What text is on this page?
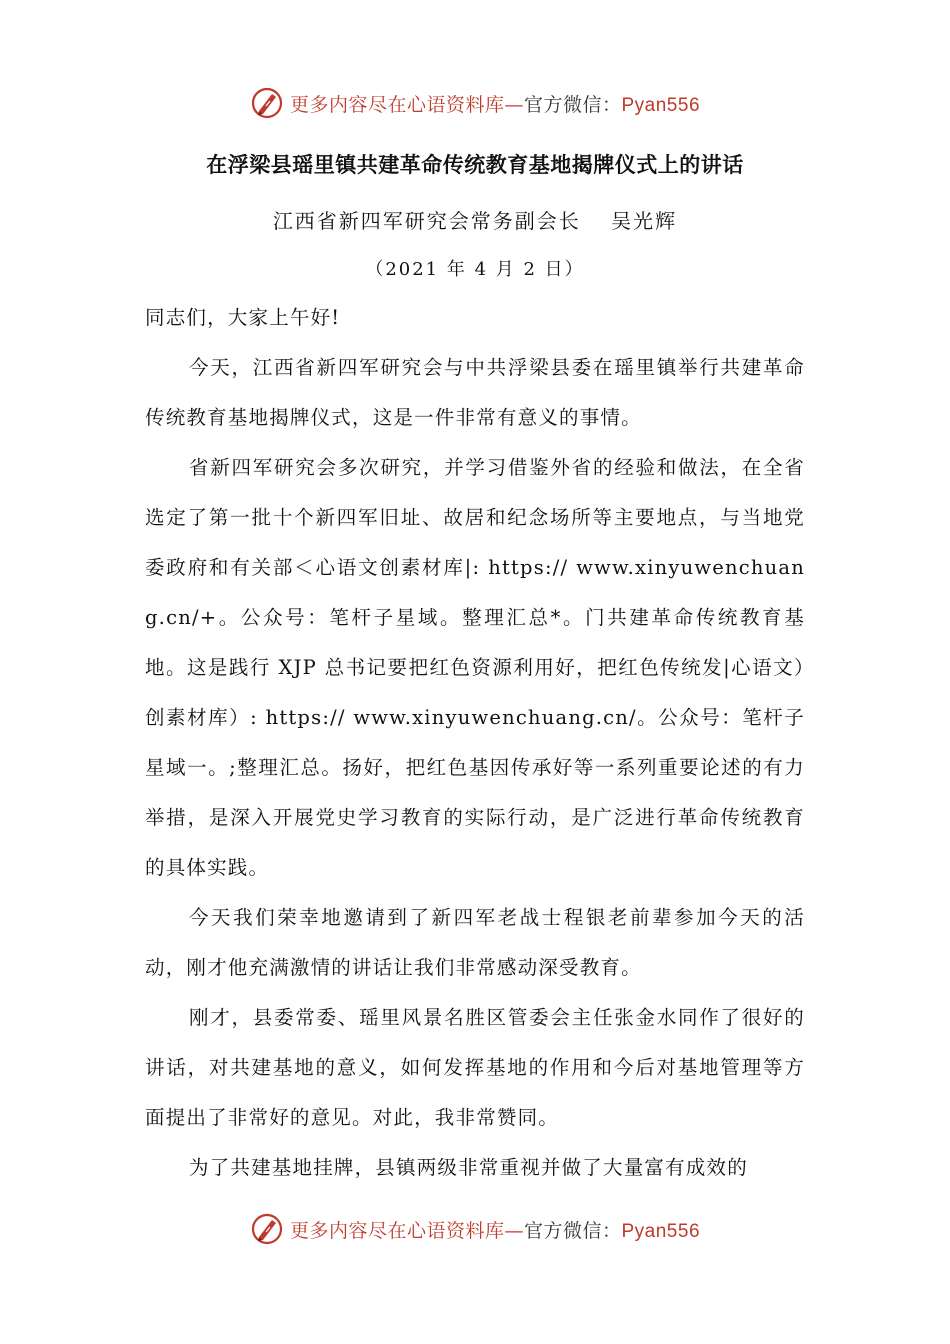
更多内容尽在心语资料库—官方微信：Pyan556
在浮梁县瑶里镇共建革命传统教育基地揭牌仪式上的讲话
江西省新四军研究会常务副会长　 吴光辉
（2021 年 4 月 2 日）

同志们，大家上午好!

今天，江西省新四军研究会与中共浮梁县委在瑶里镇举行共建革命传统教育基地揭牌仪式，这是一件非常有意义的事情。

省新四军研究会多次研究，并学习借鉴外省的经验和做法，在全省选定了第一批十个新四军旧址、故居和纪念场所等主要地点，与当地党委政府和有关部＜心语文创素材库|: https:// www.xinyuwenchuang.cn/+。公众号：笔杆子星域。整理汇总*。门共建革命传统教育基地。这是践行 XJP 总书记要把红色资源利用好，把红色传统发|心语文）创素材库）: https:// www.xinyuwenchuang.cn/。公众号：笔杆子星域一。;整理汇总。扬好，把红色基因传承好等一系列重要论述的有力举措，是深入开展党史学习教育的实际行动，是广泛进行革命传统教育的具体实践。

今天我们荣幸地邀请到了新四军老战士程银老前辈参加今天的活动，刚才他充满激情的讲话让我们非常感动深受教育。

刚才，县委常委、瑶里风景名胜区管委会主任张金水同作了很好的讲话，对共建基地的意义，如何发挥基地的作用和今后对基地管理等方面提出了非常好的意见。对此，我非常赞同。

为了共建基地挂牌，县镇两级非常重视并做了大量富有成效的

更多内容尽在心语资料库—官方微信：Pyan556
